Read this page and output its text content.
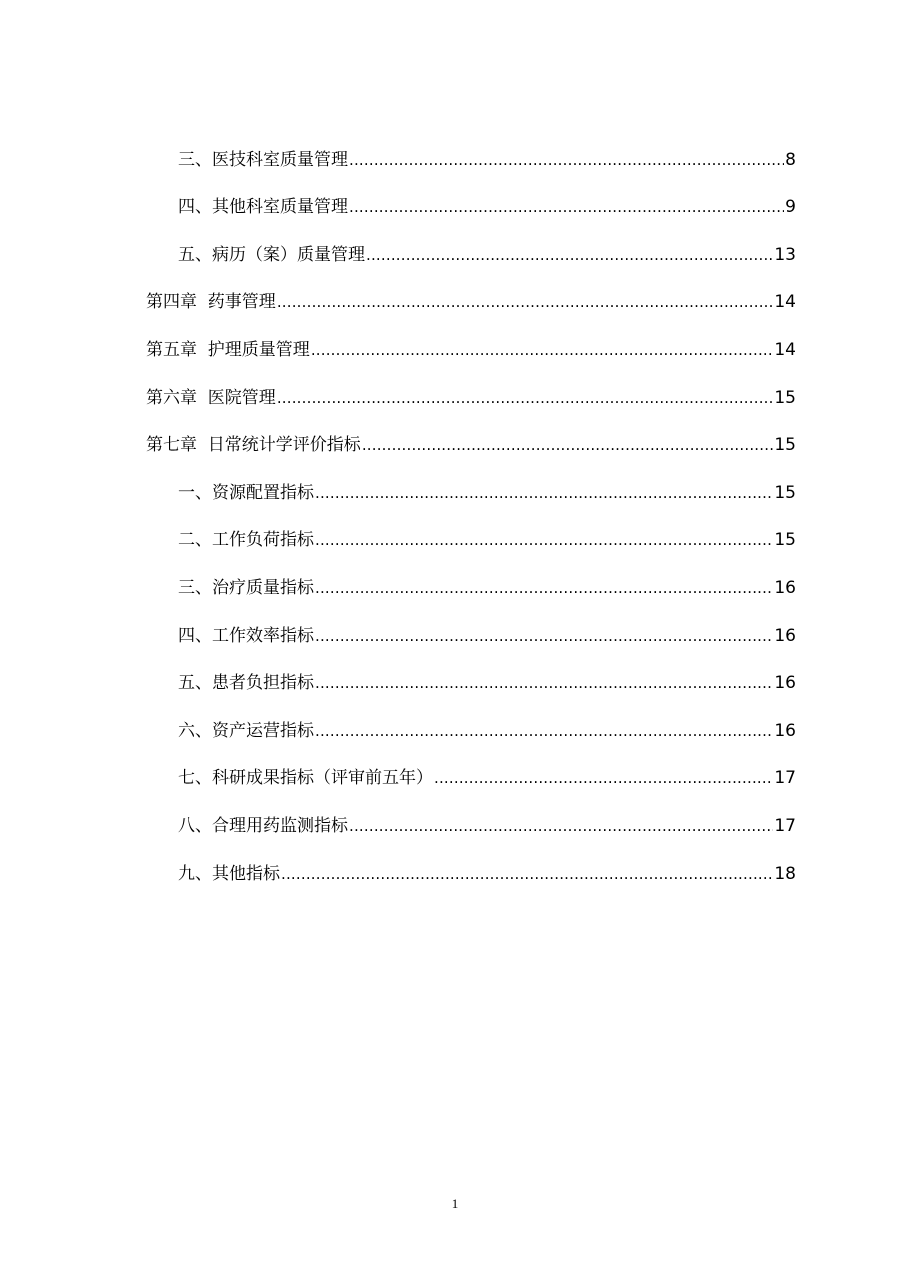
三、医技科室质量管理 .....	8
四、其他科室质量管理 .....	9
五、病历（案）质量管理 .....	13
第四章  药事管理 .....	14
第五章  护理质量管理 .....	14
第六章  医院管理 .....	15
第七章  日常统计学评价指标 .....	15
一、资源配置指标 .....	15
二、工作负荷指标 .....	15
三、治疗质量指标 .....	16
四、工作效率指标 .....	16
五、患者负担指标 .....	16
六、资产运营指标 .....	16
七、科研成果指标（评审前五年） .....	17
八、合理用药监测指标 .....	17
九、其他指标 .....	18
1
